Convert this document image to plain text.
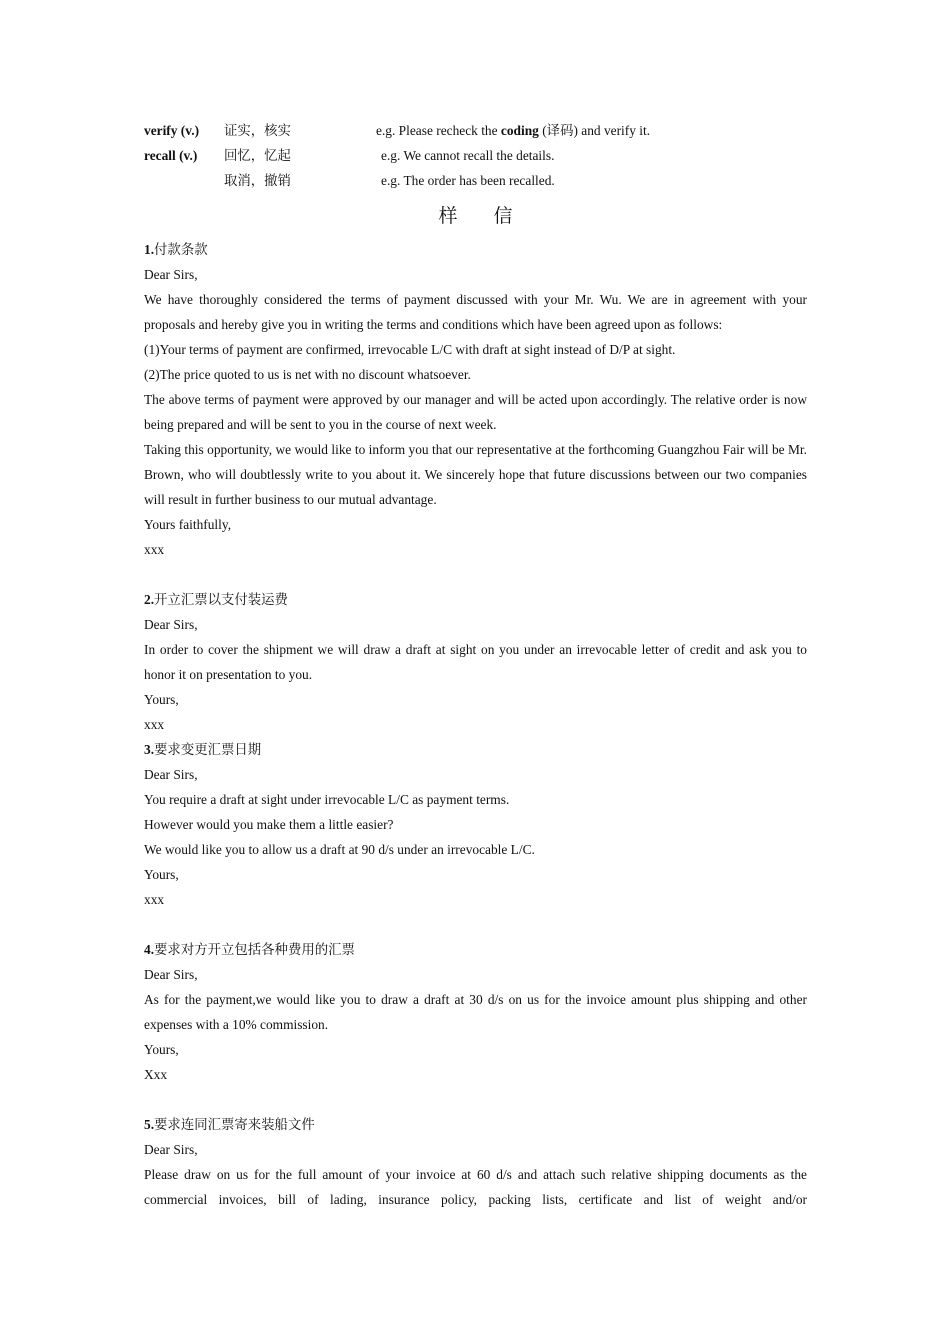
verify (v.) 证实，核实	e.g. Please recheck the coding (译码) and verify it.
recall (v.) 回忆，忆起	e.g. We cannot recall the details.
取消，撤销	e.g. The order has been recalled.
样 信
1.付款条款
Dear Sirs,
We have thoroughly considered the terms of payment discussed with your Mr. Wu. We are in agreement with your proposals and hereby give you in writing the terms and conditions which have been agreed upon as follows:
(1)Your terms of payment are confirmed, irrevocable L/C with draft at sight instead of D/P at sight.
(2)The price quoted to us is net with no discount whatsoever.
The above terms of payment were approved by our manager and will be acted upon accordingly. The relative order is now being prepared and will be sent to you in the course of next week.
Taking this opportunity, we would like to inform you that our representative at the forthcoming Guangzhou Fair will be Mr. Brown, who will doubtlessly write to you about it. We sincerely hope that future discussions between our two companies will result in further business to our mutual advantage.
Yours faithfully,
xxx
2.开立汇票以支付装运费
Dear Sirs,
In order to cover the shipment we will draw a draft at sight on you under an irrevocable letter of credit and ask you to honor it on presentation to you.
Yours,
xxx
3.要求变更汇票日期
Dear Sirs,
You require a draft at sight under irrevocable L/C as payment terms.
However would you make them a little easier?
We would like you to allow us a draft at 90 d/s under an irrevocable L/C.
Yours,
xxx
4.要求对方开立包括各种费用的汇票
Dear Sirs,
As for the payment,we would like you to draw a draft at 30 d/s on us for the invoice amount plus shipping and other expenses with a 10% commission.
Yours,
Xxx
5.要求连同汇票寄来装船文件
Dear Sirs,
Please draw on us for the full amount of your invoice at 60 d/s and attach such relative shipping documents as the commercial invoices, bill of lading, insurance policy, packing lists, certificate and list of weight and/or
